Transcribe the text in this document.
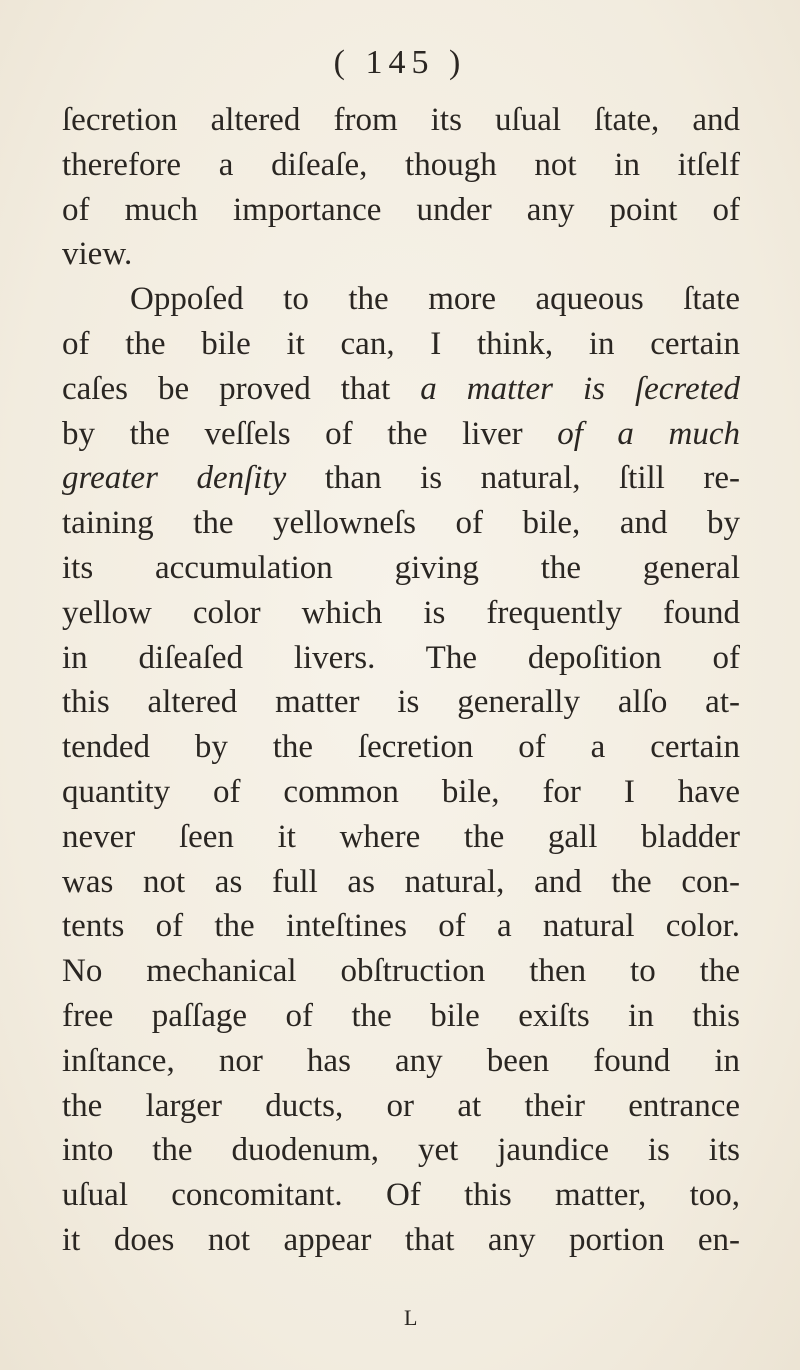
( 145 )
ſecretion altered from its uſual ſtate, and
therefore a diſeaſe, though not in itſelf
of much importance under any point of
view.
Oppoſed to the more aqueous ſtate
of the bile it can, I think, in certain
caſes be proved that a matter is ſecreted
by the veſſels of the liver of a much
greater denſity than is natural, ſtill re-
taining the yellowneſs of bile, and by
its accumulation giving the general
yellow color which is frequently found
in diſeaſed livers. The depoſition of
this altered matter is generally alſo at-
tended by the ſecretion of a certain
quantity of common bile, for I have
never ſeen it where the gall bladder
was not as full as natural, and the con-
tents of the inteſtines of a natural color.
No mechanical obſtruction then to the
free paſſage of the bile exiſts in this
inſtance, nor has any been found in
the larger ducts, or at their entrance
into the duodenum, yet jaundice is its
uſual concomitant. Of this matter, too,
it does not appear that any portion en-
L
